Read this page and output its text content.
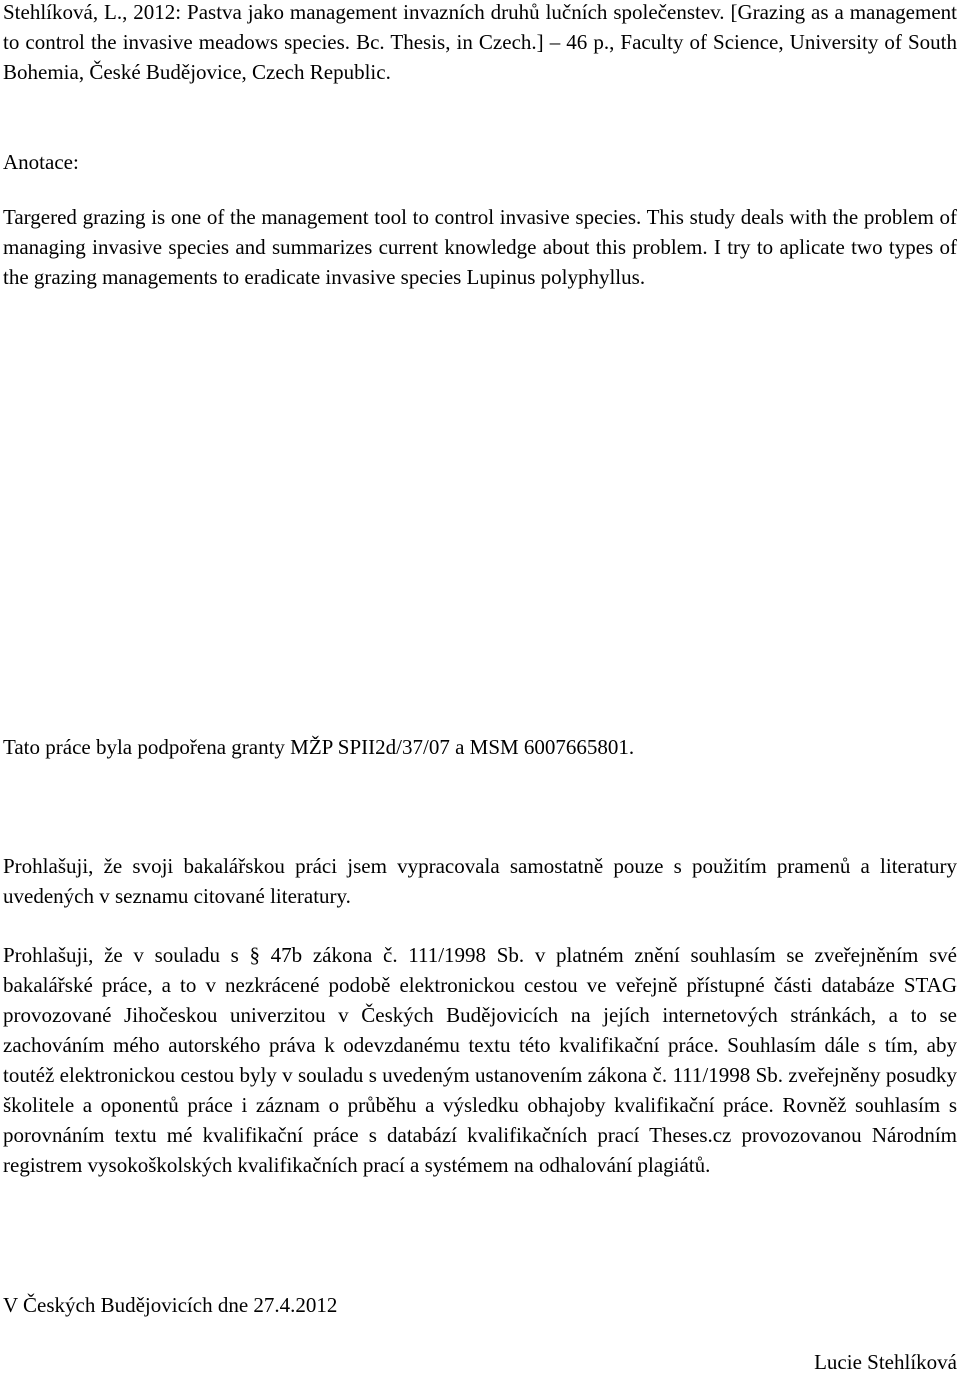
Stehlíková, L., 2012: Pastva jako management invazních druhů lučních společenstev. [Grazing as a management to control the invasive meadows species. Bc. Thesis, in Czech.] – 46 p., Faculty of Science, University of South Bohemia, České Budějovice, Czech Republic.

Anotace:

Targered grazing is one of the management tool to control invasive species. This study deals with the problem of managing invasive species and summarizes current knowledge about this problem. I try to aplicate two types of the grazing managements to eradicate invasive species Lupinus polyphyllus.

Tato práce byla podpořena granty MŽP SPII2d/37/07 a MSM 6007665801.

Prohlašuji, že svoji bakalářskou práci jsem vypracovala samostatně pouze s použitím pramenů a literatury uvedených v seznamu citované literatury.

Prohlašuji, že v souladu s § 47b zákona č. 111/1998 Sb. v platném znění souhlasím se zveřejněním své bakalářské práce, a to v nezkrácené podobě elektronickou cestou ve veřejně přístupné části databáze STAG provozované Jihočeskou univerzitou v Českých Budějovicích na jejích internetových stránkách, a to se zachováním mého autorského práva k odevzdanému textu této kvalifikační práce. Souhlasím dále s tím, aby toutéž elektronickou cestou byly v souladu s uvedeným ustanovením zákona č. 111/1998 Sb. zveřejněny posudky školitele a oponentů práce i záznam o průběhu a výsledku obhajoby kvalifikační práce. Rovněž souhlasím s porovnáním textu mé kvalifikační práce s databází kvalifikačních prací Theses.cz provozovanou Národním registrem vysokoškolských kvalifikačních prací a systémem na odhalování plagiátů.

V Českých Budějovicích dne 27.4.2012

Lucie Stehlíková
